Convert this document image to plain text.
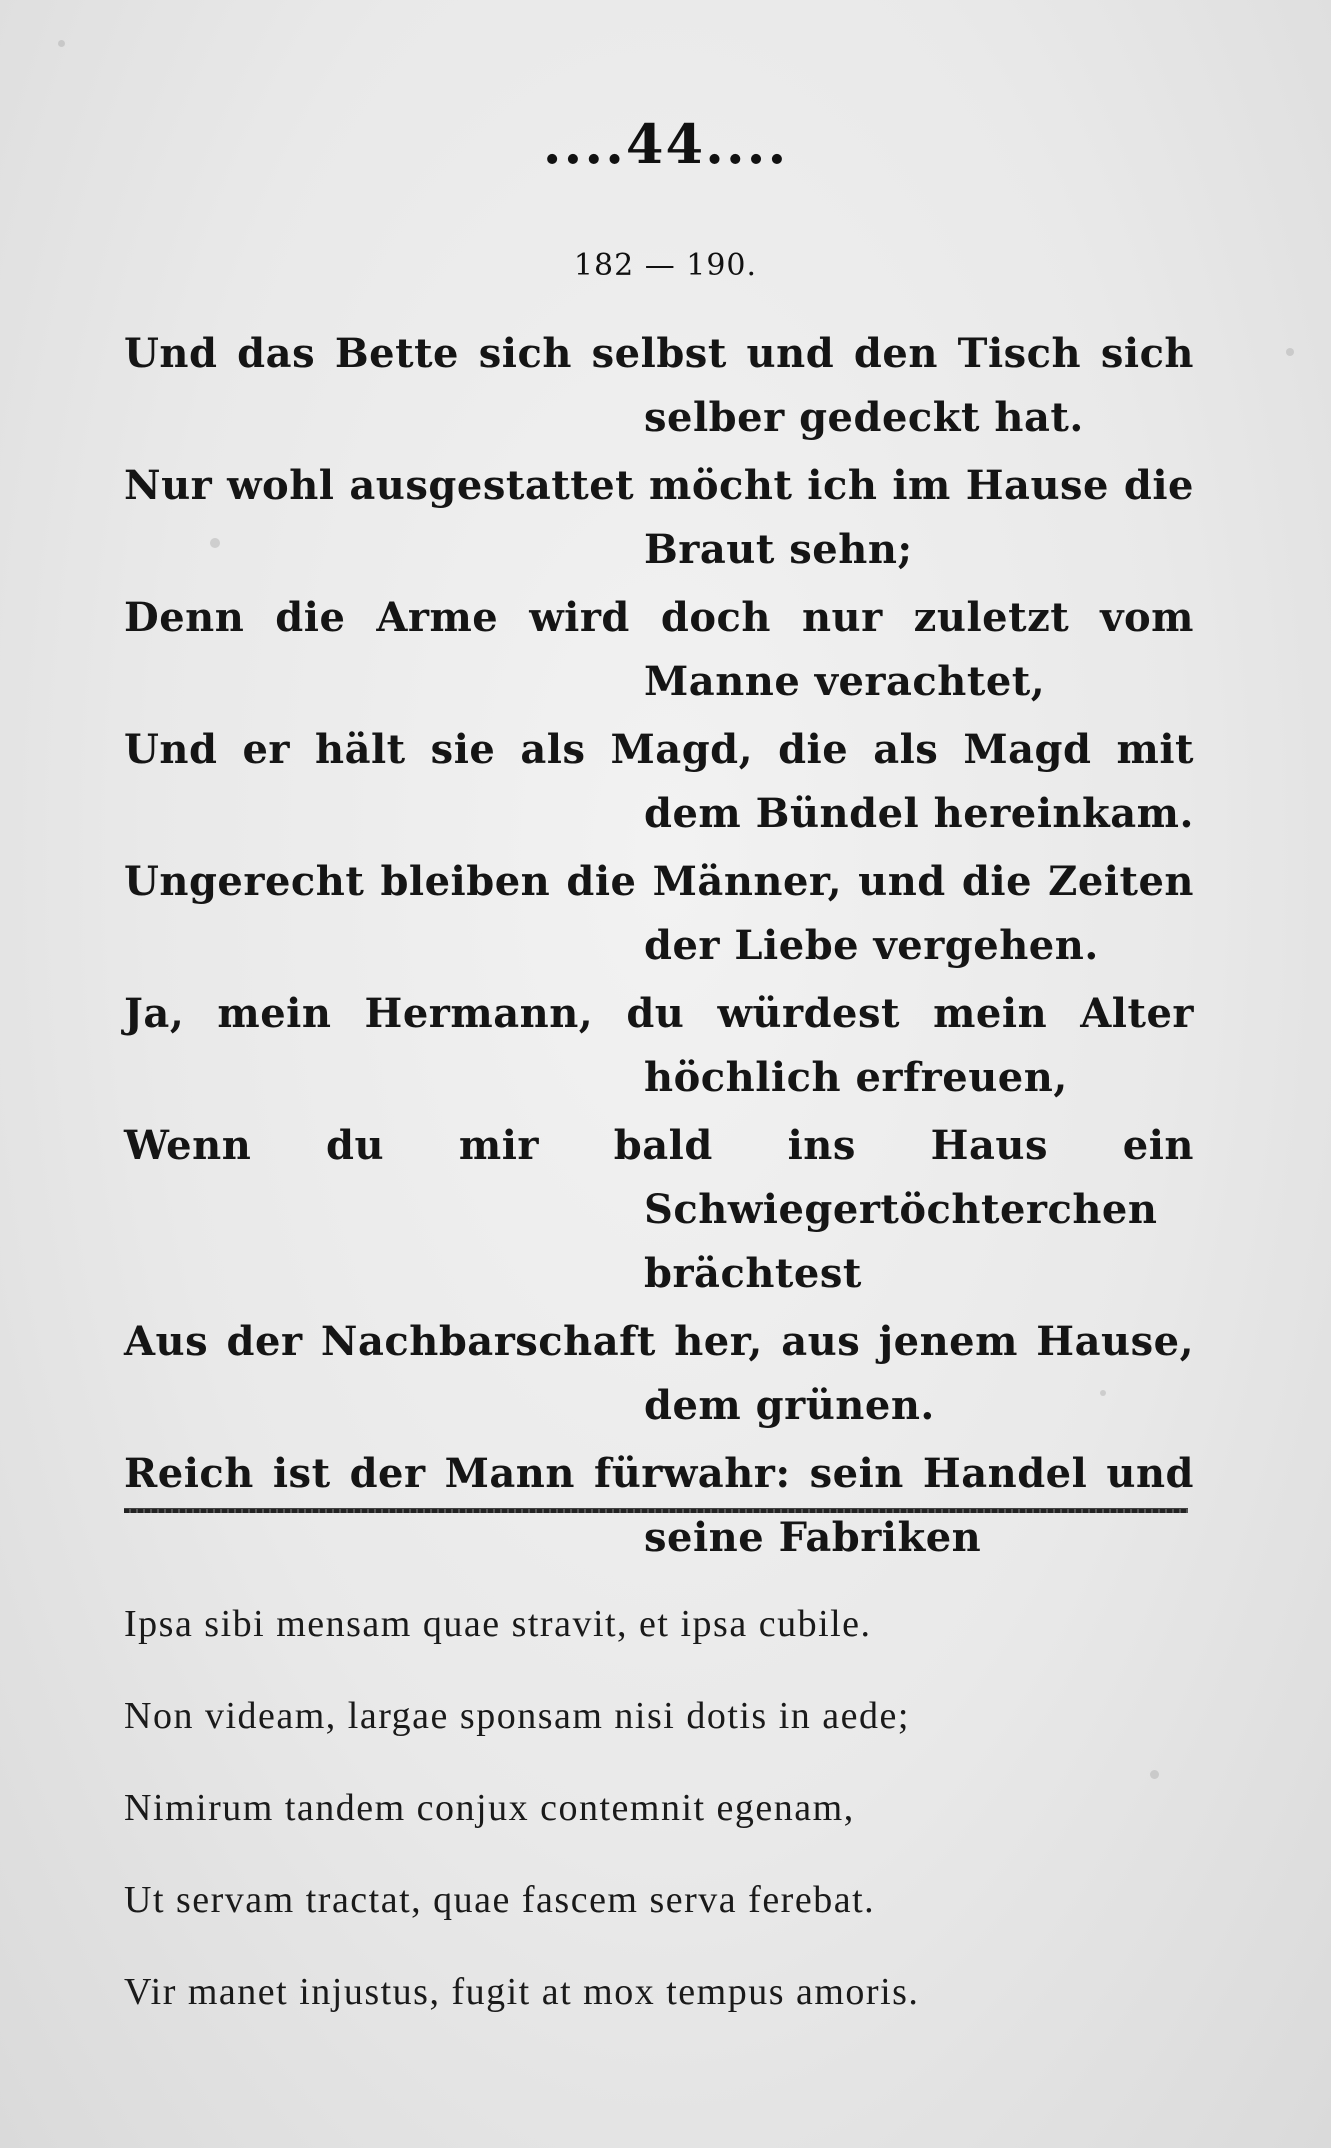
....44....
182 — 190.

Und das Bette sich selbst und den Tisch sich selber gedeckt hat.

Nur wohl ausgestattet möcht ich im Hause die Braut sehn;

Denn die Arme wird doch nur zuletzt vom Manne verachtet,

Und er hält sie als Magd, die als Magd mit dem Bündel hereinkam.

Ungerecht bleiben die Männer, und die Zeiten der Liebe vergehen.

Ja, mein Hermann, du würdest mein Alter höchlich erfreuen,

Wenn du mir bald ins Haus ein Schwiegertöchterchen brächtest

Aus der Nachbarschaft her, aus jenem Hause, dem grünen.

Reich ist der Mann fürwahr: sein Handel und seine Fabriken

Ipsa sibi mensam quae stravit, et ipsa cubile.

Non videam, largae sponsam nisi dotis in aede;

Nimirum tandem conjux contemnit egenam,

Ut servam tractat, quae fascem serva ferebat.

Vir manet injustus, fugit at mox tempus amoris.
